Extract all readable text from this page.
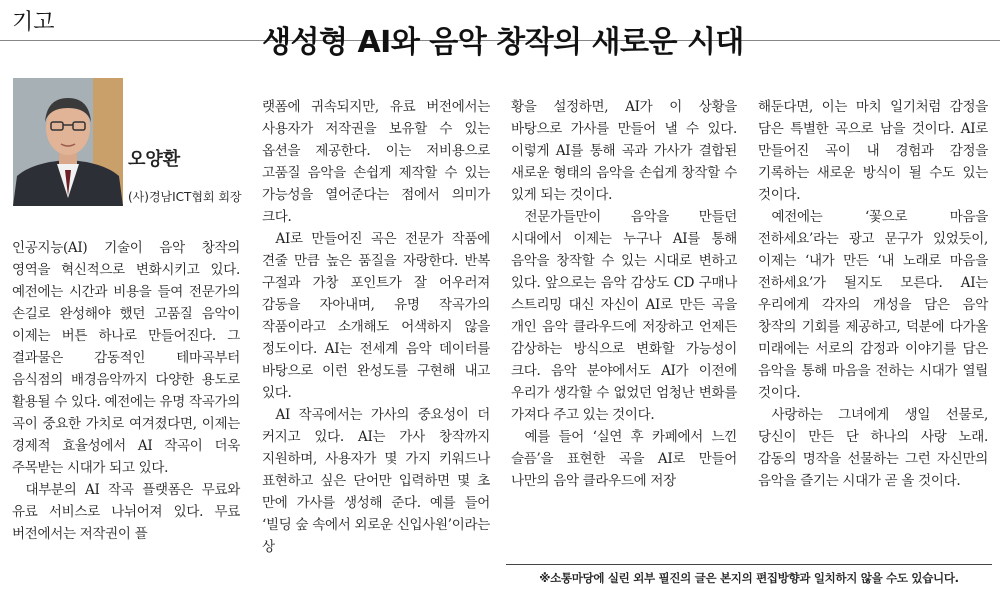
기고
생성형 AI와 음악 창작의 새로운 시대
오양환
(사)경남ICT협회 회장

인공지능(AI) 기술이 음악 창작의 영역을 혁신적으로 변화시키고 있다. 예전에는 시간과 비용을 들여 전문가의 손길로 완성해야 했던 고품질 음악이 이제는 버튼 하나로 만들어진다. 그 결과물은 감동적인 테마곡부터 음식점의 배경음악까지 다양한 용도로 활용될 수 있다. 예전에는 유명 작곡가의 곡이 중요한 가치로 여겨졌다면, 이제는 경제적 효율성에서 AI 작곡이 더욱 주목받는 시대가 되고 있다.

대부분의 AI 작곡 플랫폼은 무료와 유료 서비스로 나뉘어져 있다. 무료 버전에서는 저작권이 플

랫폼에 귀속되지만, 유료 버전에서는 사용자가 저작권을 보유할 수 있는 옵션을 제공한다. 이는 저비용으로 고품질 음악을 손쉽게 제작할 수 있는 가능성을 열어준다는 점에서 의미가 크다.

AI로 만들어진 곡은 전문가 작품에 견줄 만큼 높은 품질을 자랑한다. 반복 구절과 가창 포인트가 잘 어우러져 감동을 자아내며, 유명 작곡가의 작품이라고 소개해도 어색하지 않을 정도이다. AI는 전세계 음악 데이터를 바탕으로 이런 완성도를 구현해 내고 있다.

AI 작곡에서는 가사의 중요성이 더 커지고 있다. AI는 가사 창작까지 지원하며, 사용자가 몇 가지 키워드나 표현하고 싶은 단어만 입력하면 몇 초 만에 가사를 생성해 준다. 예를 들어 ‘빌딩 숲 속에서 외로운 신입사원’이라는 상

황을 설정하면, AI가 이 상황을 바탕으로 가사를 만들어 낼 수 있다. 이렇게 AI를 통해 곡과 가사가 결합된 새로운 형태의 음악을 손쉽게 창작할 수 있게 되는 것이다.

전문가들만이 음악을 만들던 시대에서 이제는 누구나 AI를 통해 음악을 창작할 수 있는 시대로 변하고 있다. 앞으로는 음악 감상도 CD 구매나 스트리밍 대신 자신이 AI로 만든 곡을 개인 음악 클라우드에 저장하고 언제든 감상하는 방식으로 변화할 가능성이 크다. 음악 분야에서도 AI가 이전에 우리가 생각할 수 없었던 엄청난 변화를 가져다 주고 있는 것이다.

예를 들어 ‘실연 후 카페에서 느낀 슬픔’을 표현한 곡을 AI로 만들어 나만의 음악 클라우드에 저장

해둔다면, 이는 마치 일기처럼 감정을 담은 특별한 곡으로 남을 것이다. AI로 만들어진 곡이 내 경험과 감정을 기록하는 새로운 방식이 될 수도 있는 것이다.

예전에는 ‘꽃으로 마음을 전하세요’라는 광고 문구가 있었듯이, 이제는 ‘내가 만든 ‘내 노래로 마음을 전하세요’가 될지도 모른다. AI는 우리에게 각자의 개성을 담은 음악 창작의 기회를 제공하고, 덕분에 다가올 미래에는 서로의 감정과 이야기를 담은 음악을 통해 마음을 전하는 시대가 열릴 것이다.

사랑하는 그녀에게 생일 선물로, 당신이 만든 단 하나의 사랑 노래. 감동의 명작을 선물하는 그런 자신만의 음악을 즐기는 시대가 곧 올 것이다.

※소통마당에 실린 외부 필진의 글은 본지의 편집방향과 일치하지 않을 수도 있습니다.
